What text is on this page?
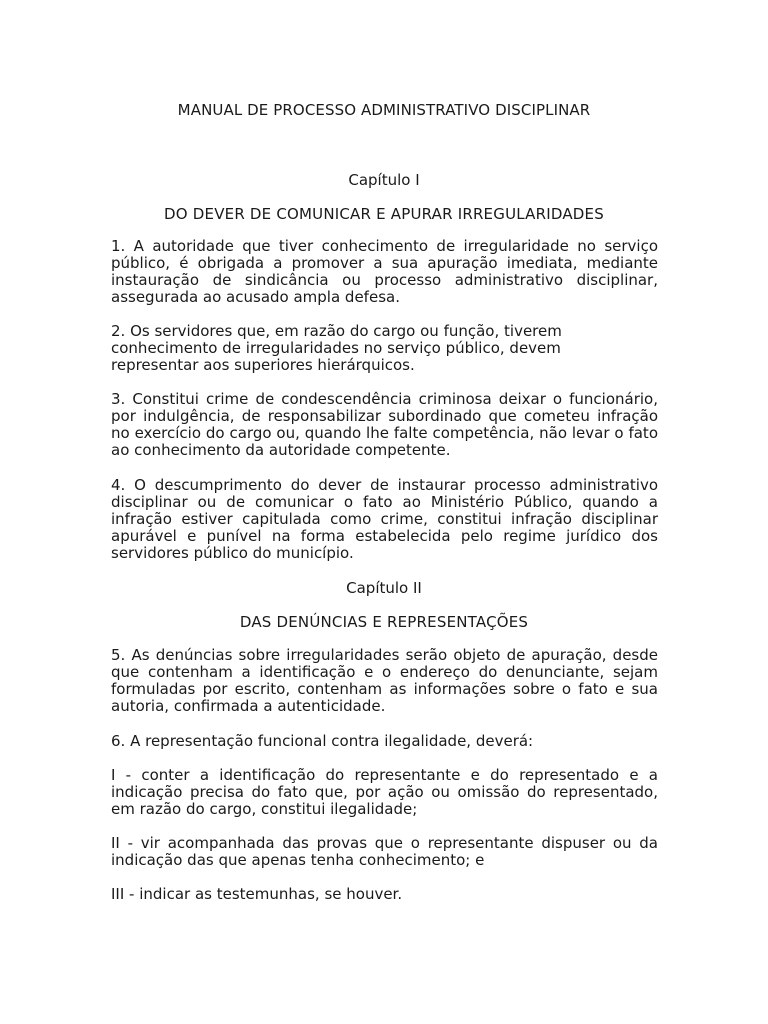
MANUAL DE PROCESSO ADMINISTRATIVO DISCIPLINAR
Capítulo I
DO DEVER DE COMUNICAR E APURAR IRREGULARIDADES

1. A autoridade que tiver conhecimento de irregularidade no serviço público, é obrigada a promover a sua apuração imediata, mediante instauração de sindicância ou processo administrativo disciplinar, assegurada ao acusado ampla defesa.

2. Os servidores que, em razão do cargo ou função, tiverem conhecimento de irregularidades no serviço público, devem representar aos superiores hierárquicos.

3. Constitui crime de condescendência criminosa deixar o funcionário, por indulgência, de responsabilizar subordinado que cometeu infração no exercício do cargo ou, quando lhe falte competência, não levar o fato ao conhecimento da autoridade competente.

4. O descumprimento do dever de instaurar processo administrativo disciplinar ou de comunicar o fato ao Ministério Público, quando a infração estiver capitulada como crime, constitui infração disciplinar apurável e punível na forma estabelecida pelo regime jurídico dos servidores público do município.

Capítulo II
DAS DENÚNCIAS E REPRESENTAÇÕES

5. As denúncias sobre irregularidades serão objeto de apuração, desde que contenham a identificação e o endereço do denunciante, sejam formuladas por escrito, contenham as informações sobre o fato e sua autoria, confirmada a autenticidade.

6. A representação funcional contra ilegalidade, deverá:

I - conter a identificação do representante e do representado e a indicação precisa do fato que, por ação ou omissão do representado, em razão do cargo, constitui ilegalidade;

II - vir acompanhada das provas que o representante dispuser ou da indicação das que apenas tenha conhecimento; e

III - indicar as testemunhas, se houver.
